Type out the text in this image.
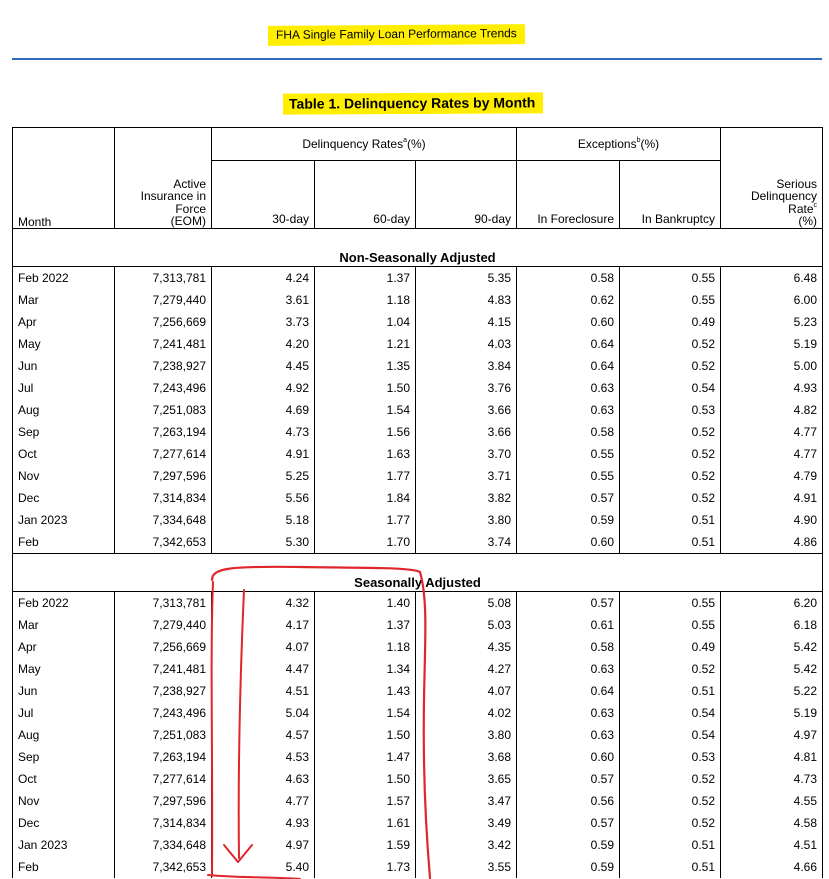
FHA Single Family Loan Performance Trends
Table 1. Delinquency Rates by Month
Month	Active
Insurance in
Force
(EOM)	Delinquency Rates$^a$(%)			Exceptions$^b$(%)		Serious
Delinquency
Rate$^c$
(%)
		30-day	60-day	90-day	In Foreclosure	In Bankruptcy	

Non-Seasonally Adjusted							
Feb 2022	7,313,781	4.24	1.37	5.35	0.58	0.55	6.48
Mar	7,279,440	3.61	1.18	4.83	0.62	0.55	6.00
Apr	7,256,669	3.73	1.04	4.15	0.60	0.49	5.23
May	7,241,481	4.20	1.21	4.03	0.64	0.52	5.19
Jun	7,238,927	4.45	1.35	3.84	0.64	0.52	5.00
Jul	7,243,496	4.92	1.50	3.76	0.63	0.54	4.93
Aug	7,251,083	4.69	1.54	3.66	0.63	0.53	4.82
Sep	7,263,194	4.73	1.56	3.66	0.58	0.52	4.77
Oct	7,277,614	4.91	1.63	3.70	0.55	0.52	4.77
Nov	7,297,596	5.25	1.77	3.71	0.55	0.52	4.79
Dec	7,314,834	5.56	1.84	3.82	0.57	0.52	4.91
Jan 2023	7,334,648	5.18	1.77	3.80	0.59	0.51	4.90
Feb	7,342,653	5.30	1.70	3.74	0.60	0.51	4.86

Seasonally Adjusted							
Feb 2022	7,313,781	4.32	1.40	5.08	0.57	0.55	6.20
Mar	7,279,440	4.17	1.37	5.03	0.61	0.55	6.18
Apr	7,256,669	4.07	1.18	4.35	0.58	0.49	5.42
May	7,241,481	4.47	1.34	4.27	0.63	0.52	5.42
Jun	7,238,927	4.51	1.43	4.07	0.64	0.51	5.22
Jul	7,243,496	5.04	1.54	4.02	0.63	0.54	5.19
Aug	7,251,083	4.57	1.50	3.80	0.63	0.54	4.97
Sep	7,263,194	4.53	1.47	3.68	0.60	0.53	4.81
Oct	7,277,614	4.63	1.50	3.65	0.57	0.52	4.73
Nov	7,297,596	4.77	1.57	3.47	0.56	0.52	4.55
Dec	7,314,834	4.93	1.61	3.49	0.57	0.52	4.58
Jan 2023	7,334,648	4.97	1.59	3.42	0.59	0.51	4.51
Feb	7,342,653	5.40	1.73	3.55	0.59	0.51	4.66
